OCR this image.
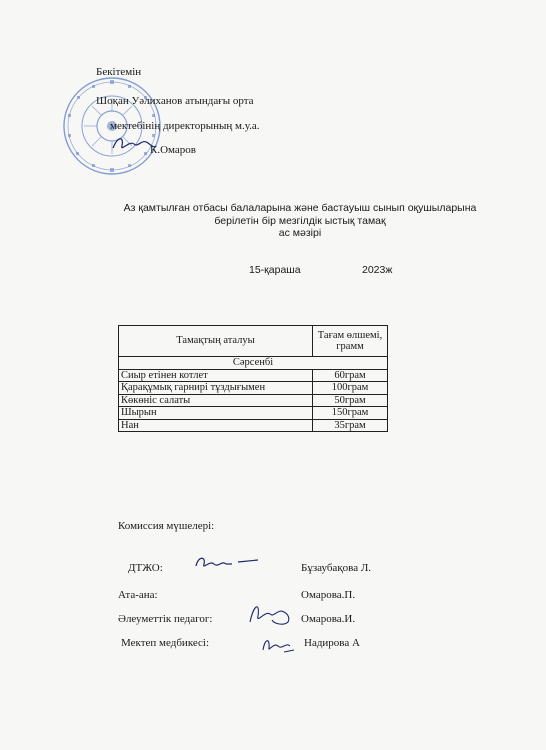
Бекітемін
Шоқан Уәлиханов атындағы орта
мектебінің директорының м.у.а.
К.Омаров
Аз қамтылған отбасы балаларына және бастауыш сынып оқушыларына
берілетін бір мезгілдік ыстық тамақ
ас мәзірі
15-қараша	2023ж
Тамақтың аталуы	Тағам өлшемі,
грамм

Сәрсенбі	
Сиыр етінен котлет	60грам
Қарақұмық гарнирі тұздығымен	100грам
Көкөніс салаты	50грам
Шырын	150грам
Нан	35грам
Комиссия мүшелері:
ДТЖО:	Бұзаубақова Л.
Ата-ана:	Омарова.П.
Әлеуметтік педагог:	Омарова.И.
Мектеп медбикесі:	Надирова А
